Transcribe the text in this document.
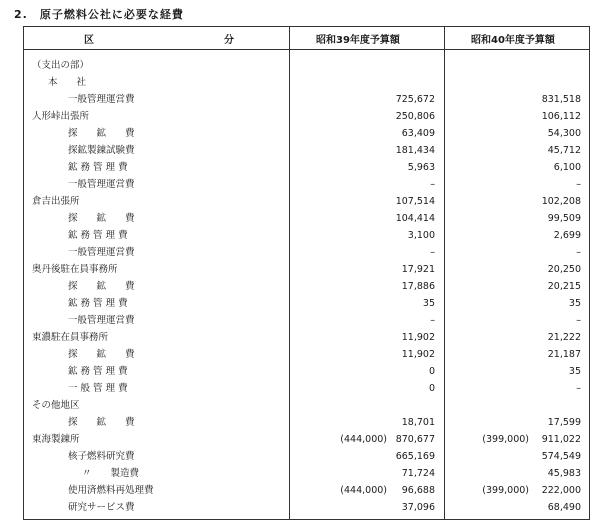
2.　原子燃料公社に必要な経費
区　　　　　　　　　　　　　分	昭和39年度予算額	昭和40年度予算額
（支出の部）
本　　社
一般管理運営費	725,672	831,518
人形峠出張所	250,806	106,112
探　　鉱　　費	63,409	54,300
探鉱製錬試験費	181,434	45,712
鉱 務 管 理 費	5,963	6,100
一般管理運営費	–	–
倉吉出張所	107,514	102,208
探　　鉱　　費	104,414	99,509
鉱 務 管 理 費	3,100	2,699
一般管理運営費	–	–
奥丹後駐在員事務所	17,921	20,250
探　　鉱　　費	17,886	20,215
鉱 務 管 理 費	35	35
一般管理運営費	–	–
東濃駐在員事務所	11,902	21,222
探　　鉱　　費	11,902	21,187
鉱 務 管 理 費	0	35
一 般 管 理 費	0	–
その他地区
探　　鉱　　費	18,701	17,599
東海製錬所	(444,000) 870,677	(399,000) 911,022
核子燃料研究費	665,169	574,549
〃　　製造費	71,724	45,983
使用済燃料再処理費	(444,000) 96,688	(399,000) 222,000
研究サービス費	37,096	68,490
